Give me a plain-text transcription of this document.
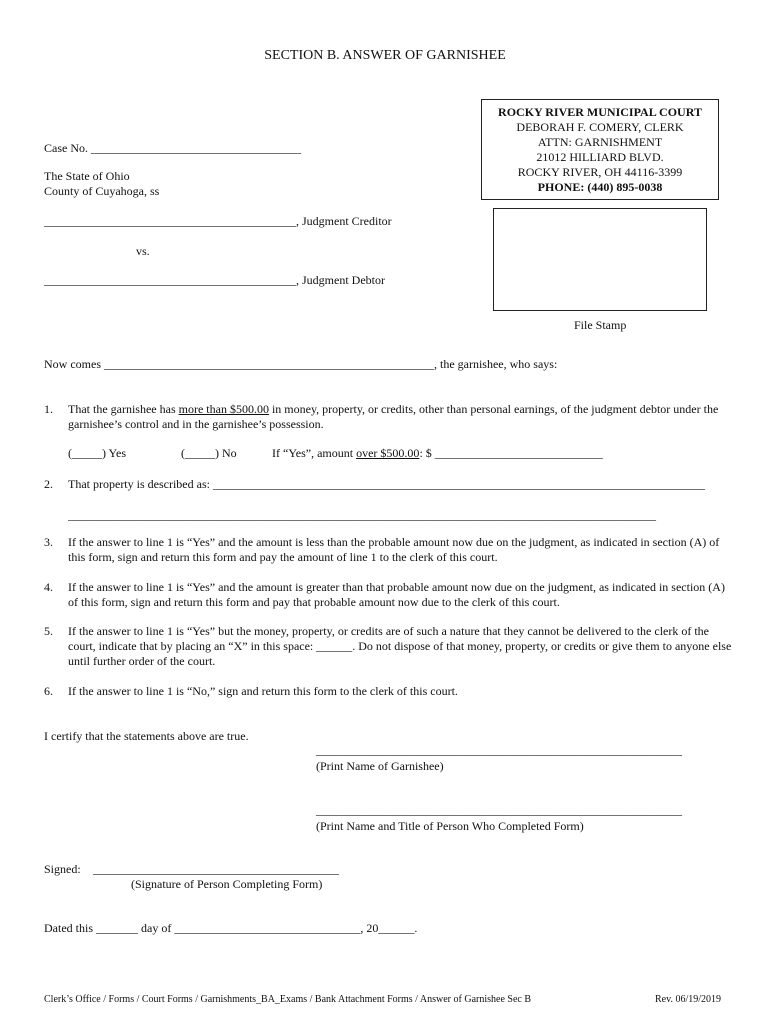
SECTION B. ANSWER OF GARNISHEE
ROCKY RIVER MUNICIPAL COURT
DEBORAH F. COMERY, CLERK
ATTN: GARNISHMENT
21012 HILLIARD BLVD.
ROCKY RIVER, OH 44116-3399
PHONE: (440) 895-0038
File Stamp
Case No. ___________________________________
The State of Ohio
County of Cuyahoga, ss
__________________________________________, Judgment Creditor
vs.
__________________________________________, Judgment Debtor
Now comes _______________________________________________________, the garnishee, who says:
1. That the garnishee has more than $500.00 in money, property, or credits, other than personal earnings, of the judgment debtor under the garnishee’s control and in the garnishee’s possession.
(_____) Yes	(_____) No	If “Yes”, amount over $500.00: $ ____________________________
2. That property is described as: __________________________________________________________________________________
__________________________________________________________________________________________________
3. If the answer to line 1 is “Yes” and the amount is less than the probable amount now due on the judgment, as indicated in section (A) of this form, sign and return this form and pay the amount of line 1 to the clerk of this court.
4. If the answer to line 1 is “Yes” and the amount is greater than that probable amount now due on the judgment, as indicated in section (A) of this form, sign and return this form and pay that probable amount now due to the clerk of this court.
5. If the answer to line 1 is “Yes” but the money, property, or credits are of such a nature that they cannot be delivered to the clerk of the court, indicate that by placing an “X” in this space: ______. Do not dispose of that money, property, or credits or give them to anyone else until further order of the court.
6. If the answer to line 1 is “No,” sign and return this form to the clerk of this court.
I certify that the statements above are true.
_____________________________________________________________
(Print Name of Garnishee)
_____________________________________________________________
(Print Name and Title of Person Who Completed Form)
Signed: _________________________________________
(Signature of Person Completing Form)
Dated this _______ day of _______________________________, 20______.
Clerk’s Office / Forms / Court Forms / Garnishments_BA_Exams / Bank Attachment Forms / Answer of Garnishee Sec B	Rev. 06/19/2019
